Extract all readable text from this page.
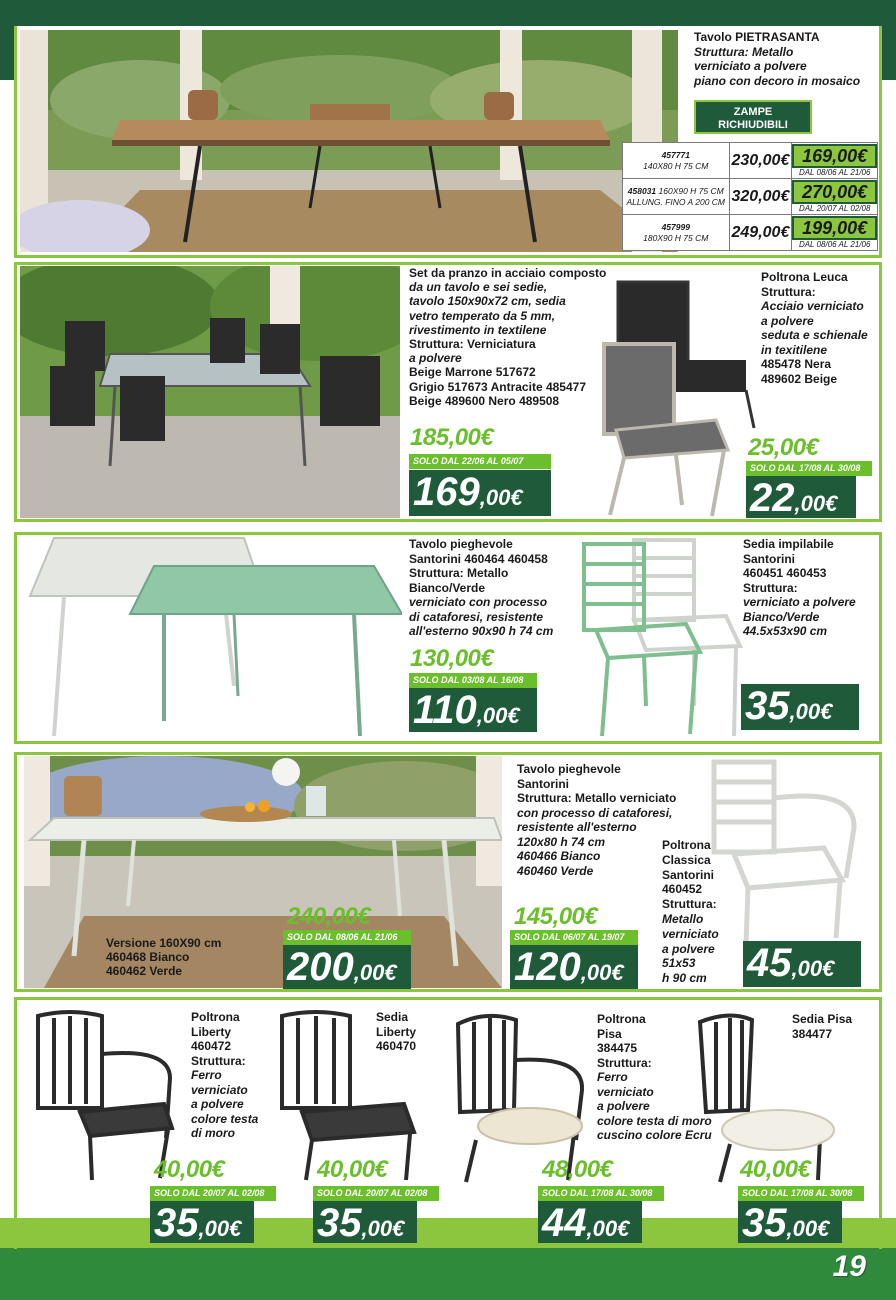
19
Tavolo PIETRASANTA
Struttura: Metallo
verniciato a polvere
piano con decoro in mosaico
ZAMPE
RICHIUDIBILI
457771
140X80 H 75 CM	230,00€	169,00€
DAL 08/06 AL 21/06

458031 160X90 H 75 CM
ALLUNG. FINO A 200 CM	320,00€	270,00€
DAL 20/07 AL 02/08

457999
180X90 H 75 CM	249,00€	199,00€
DAL 08/06 AL 21/06
Set da pranzo in acciaio composto
da un tavolo e sei sedie,
tavolo 150x90x72 cm, sedia
vetro temperato da 5 mm,
rivestimento in textilene
Struttura: Verniciatura
a polvere
Beige Marrone 517672
Grigio 517673 Antracite 485477
Beige 489600 Nero 489508
185,00€
SOLO DAL 22/06 AL 05/07
169,00€
Poltrona Leuca
Struttura:
Acciaio verniciato
a polvere
seduta e schienale
in texitilene
485478 Nera
489602 Beige
25,00€
SOLO DAL 17/08 AL 30/08
22,00€
Tavolo pieghevole
Santorini 460464 460458
Struttura: Metallo
Bianco/Verde
verniciato con processo
di cataforesi, resistente
all'esterno 90x90 h 74 cm
130,00€
SOLO DAL 03/08 AL 16/08
110,00€
Sedia impilabile
Santorini
460451 460453
Struttura:
verniciato a polvere
Bianco/Verde
44.5x53x90 cm
35,00€
Versione 160X90 cm
460468 Bianco
460462 Verde
240,00€
SOLO DAL 08/06 AL 21/06
200,00€
Tavolo pieghevole
Santorini
Struttura: Metallo verniciato
con processo di cataforesi,
resistente all'esterno
120x80 h 74 cm
460466 Bianco
460460 Verde
145,00€
SOLO DAL 06/07 AL 19/07
120,00€
Poltrona
Classica
Santorini
460452
Struttura:
Metallo
verniciato
a polvere
51x53
h 90 cm	45,00€
Poltrona
Liberty
460472
Struttura:
Ferro
verniciato
a polvere
colore testa
di moro
40,00€
SOLO DAL 20/07 AL 02/08
35,00€
Sedia
Liberty
460470
40,00€
SOLO DAL 20/07 AL 02/08
35,00€
Poltrona
Pisa
384475
Struttura:
Ferro
verniciato
a polvere
colore testa di moro
cuscino colore Ecru
48,00€
SOLO DAL 17/08 AL 30/08
44,00€
Sedia Pisa
384477
40,00€
SOLO DAL 17/08 AL 30/08
35,00€
